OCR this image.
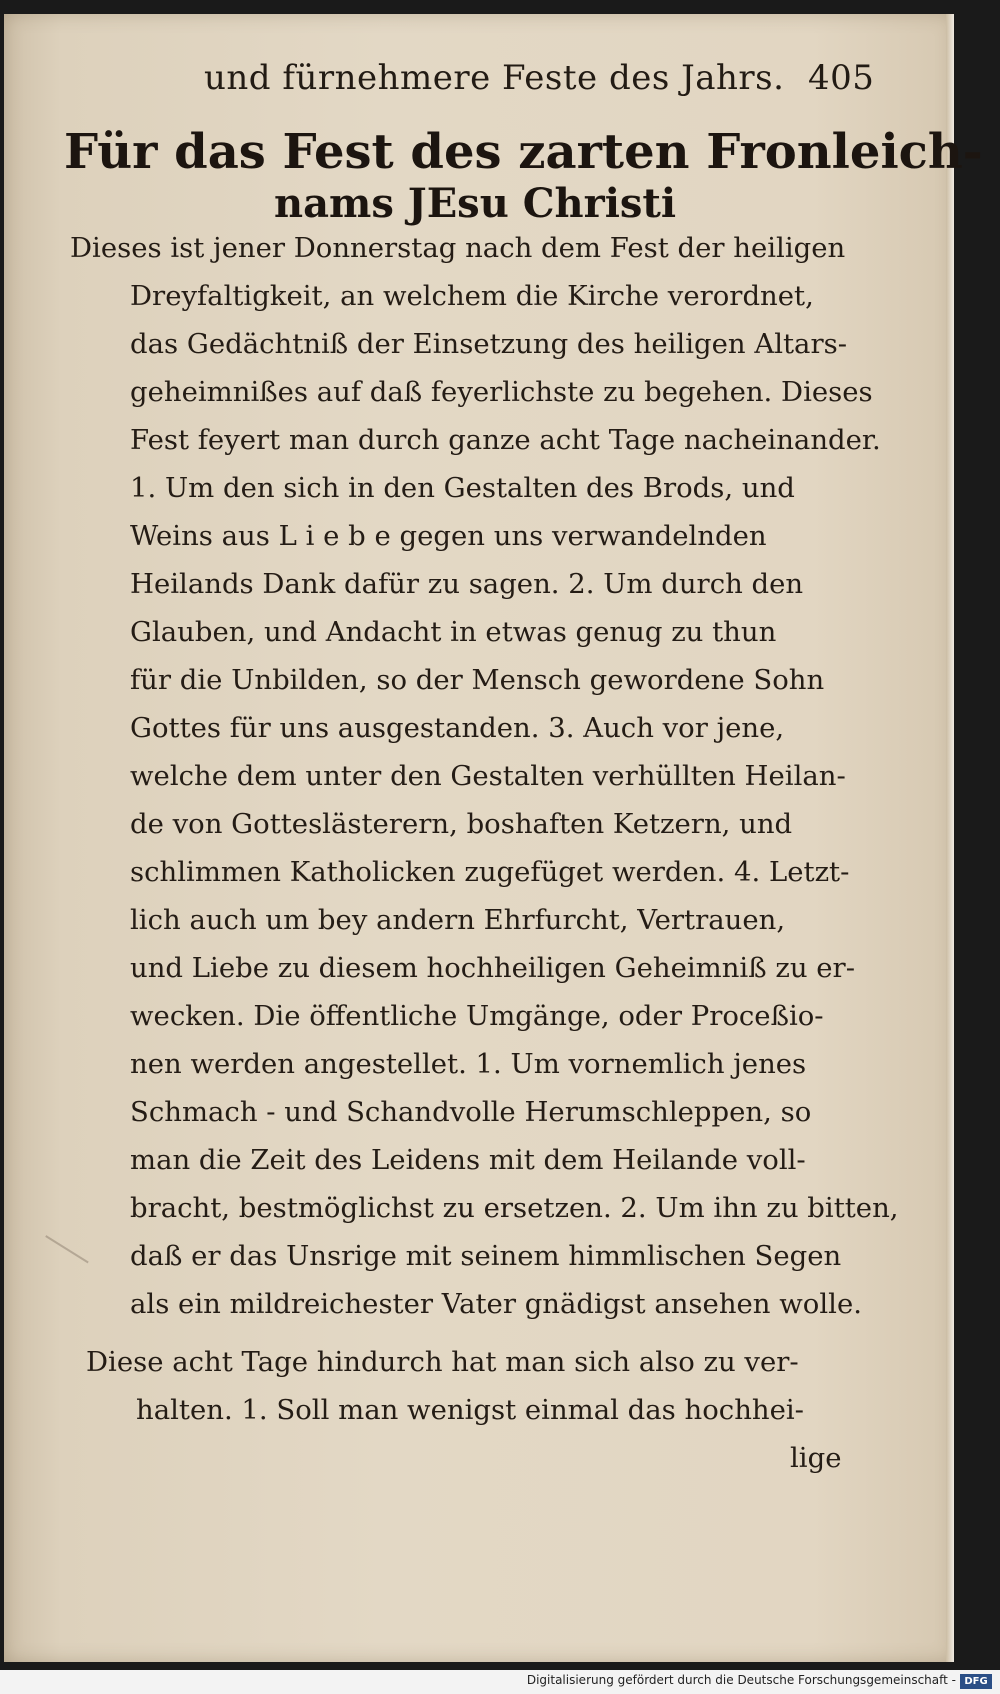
und fürnehmere Feste des Jahrs. 405
Für das Fest des zarten Fronleich-
nams JEsu Christi
Dieses ist jener Donnerstag nach dem Fest der heiligen
Dreyfaltigkeit, an welchem die Kirche verordnet,
das Gedächtniß der Einsetzung des heiligen Altars-
geheimnißes auf daß feyerlichste zu begehen. Dieses
Fest feyert man durch ganze acht Tage nacheinander.
1. Um den sich in den Gestalten des Brods, und
Weins aus L i e b e gegen uns verwandelnden
Heilands Dank dafür zu sagen. 2. Um durch den
Glauben, und Andacht in etwas genug zu thun
für die Unbilden, so der Mensch gewordene Sohn
Gottes für uns ausgestanden. 3. Auch vor jene,
welche dem unter den Gestalten verhüllten Heilan-
de von Gotteslästerern, boshaften Ketzern, und
schlimmen Katholicken zugefüget werden. 4. Letzt-
lich auch um bey andern Ehrfurcht, Vertrauen,
und Liebe zu diesem hochheiligen Geheimniß zu er-
wecken. Die öffentliche Umgänge, oder Proceßio-
nen werden angestellet. 1. Um vornemlich jenes
Schmach - und Schandvolle Herumschleppen, so
man die Zeit des Leidens mit dem Heilande voll-
bracht, bestmöglichst zu ersetzen. 2. Um ihn zu bitten,
daß er das Unsrige mit seinem himmlischen Segen
als ein mildreichester Vater gnädigst ansehen wolle.
Diese acht Tage hindurch hat man sich also zu ver-
halten. 1. Soll man wenigst einmal das hochhei-
lige
Digitalisierung gefördert durch die Deutsche Forschungsgemeinschaft - DFG
